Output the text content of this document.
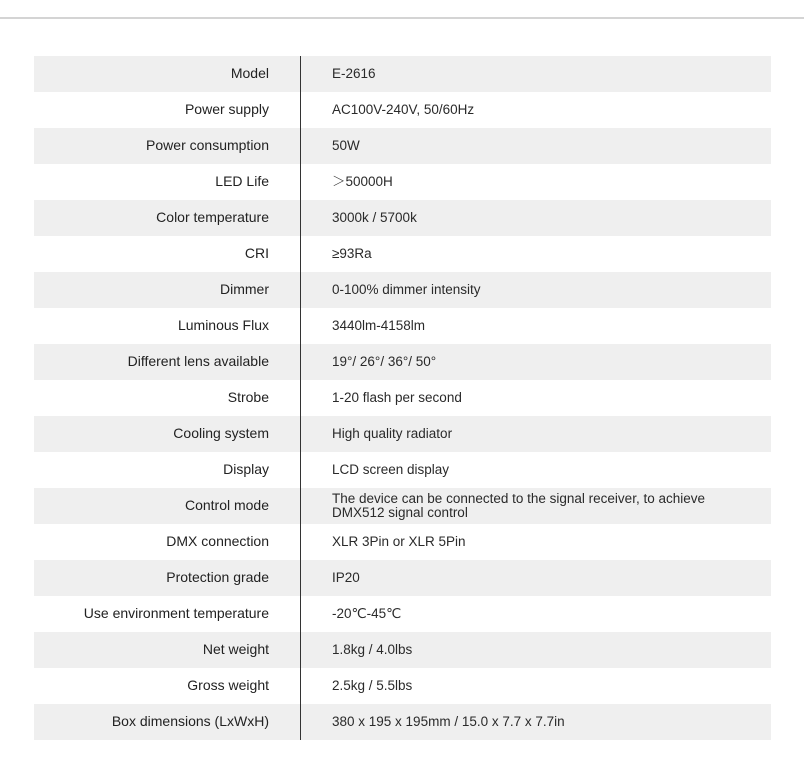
Model	E-2616
Power supply	AC100V-240V, 50/60Hz
Power consumption	50W
LED Life	＞50000H
Color temperature	3000k / 5700k
CRI	≥93Ra
Dimmer	0-100% dimmer intensity
Luminous Flux	3440lm-4158lm
Different lens available	19°/ 26°/ 36°/ 50°
Strobe	1-20 flash per second
Cooling system	High quality radiator
Display	LCD screen display
Control mode	The device can be connected to the signal receiver, to achieve DMX512 signal control
DMX connection	XLR 3Pin or XLR 5Pin
Protection grade	IP20
Use environment temperature	-20℃-45℃
Net weight	1.8kg / 4.0lbs
Gross weight	2.5kg / 5.5lbs
Box dimensions (LxWxH)	380 x 195 x 195mm / 15.0 x 7.7 x 7.7in
